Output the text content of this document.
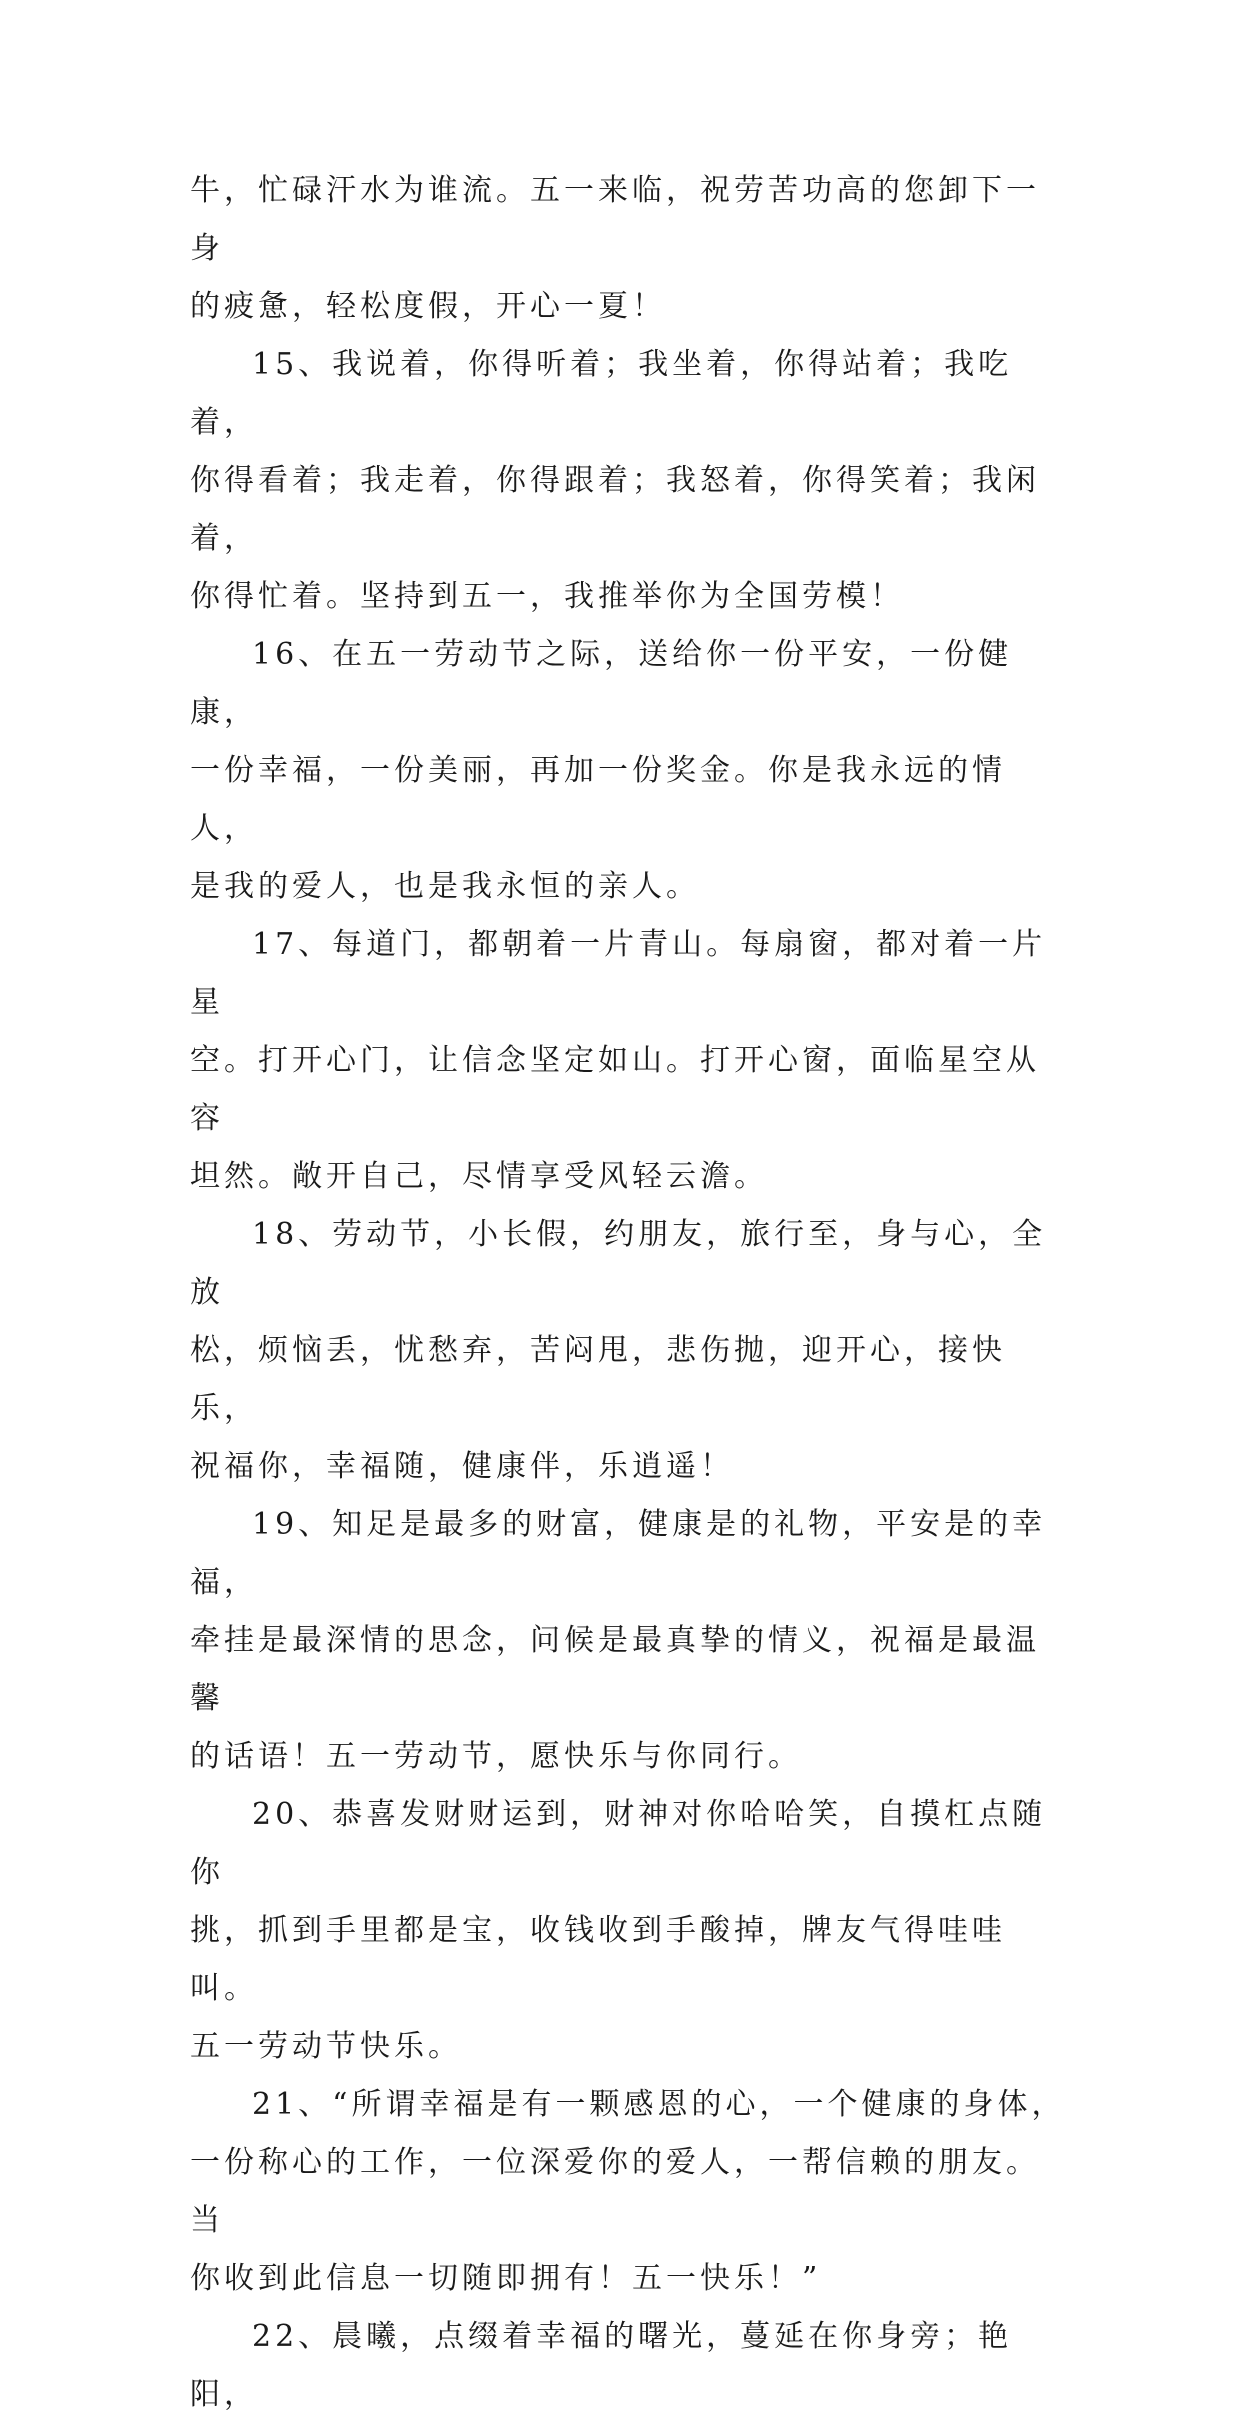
牛，忙碌汗水为谁流。五一来临，祝劳苦功高的您卸下一身
的疲惫，轻松度假，开心一夏！

15、我说着，你得听着；我坐着，你得站着；我吃着，
你得看着；我走着，你得跟着；我怒着，你得笑着；我闲着，
你得忙着。坚持到五一，我推举你为全国劳模！

16、在五一劳动节之际，送给你一份平安，一份健康，
一份幸福，一份美丽，再加一份奖金。你是我永远的情人，
是我的爱人，也是我永恒的亲人。

17、每道门，都朝着一片青山。每扇窗，都对着一片星
空。打开心门，让信念坚定如山。打开心窗，面临星空从容
坦然。敞开自己，尽情享受风轻云澹。

18、劳动节，小长假，约朋友，旅行至，身与心，全放
松，烦恼丢，忧愁弃，苦闷甩，悲伤抛，迎开心，接快乐，
祝福你，幸福随，健康伴，乐逍遥！

19、知足是最多的财富，健康是的礼物，平安是的幸福，
牵挂是最深情的思念，问候是最真挚的情义，祝福是最温馨
的话语！五一劳动节，愿快乐与你同行。

20、恭喜发财财运到，财神对你哈哈笑，自摸杠点随你
挑，抓到手里都是宝，收钱收到手酸掉，牌友气得哇哇叫。
五一劳动节快乐。

21、“所谓幸福是有一颗感恩的心，一个健康的身体，
一份称心的工作，一位深爱你的爱人，一帮信赖的朋友。当
你收到此信息一切随即拥有！五一快乐！”

22、晨曦，点缀着幸福的曙光，蔓延在你身旁；艳阳，
